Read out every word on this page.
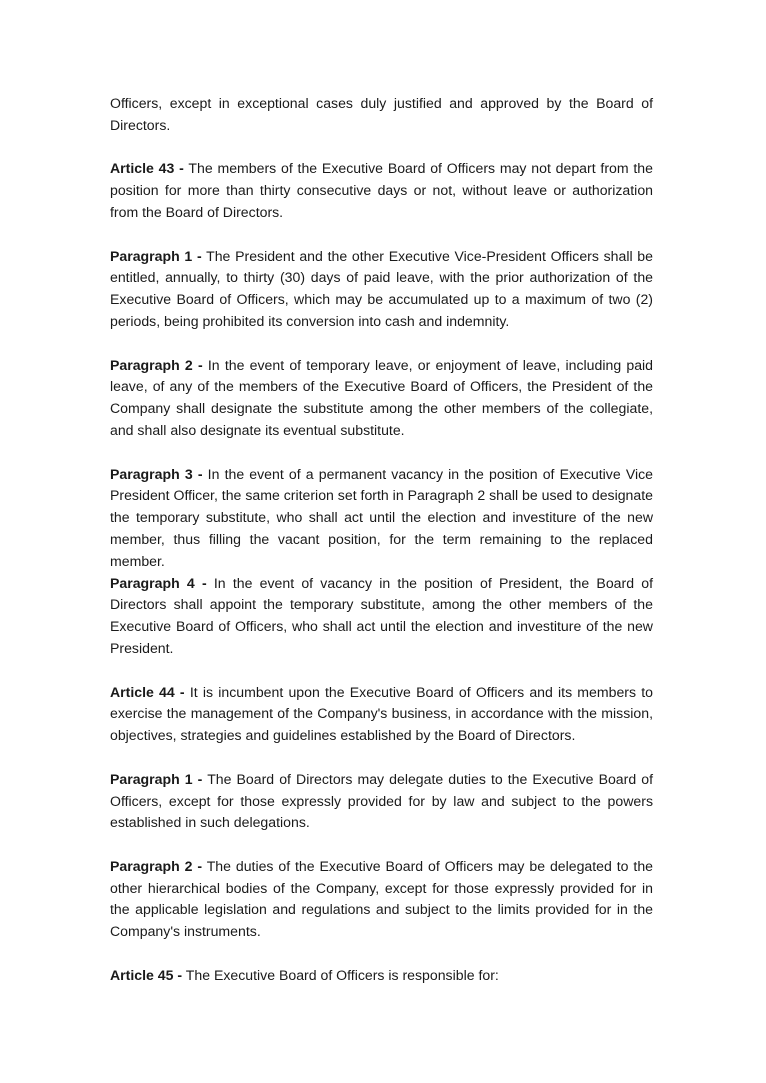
Officers, except in exceptional cases duly justified and approved by the Board of Directors.

Article 43 - The members of the Executive Board of Officers may not depart from the position for more than thirty consecutive days or not, without leave or authorization from the Board of Directors.

Paragraph 1 - The President and the other Executive Vice-President Officers shall be entitled, annually, to thirty (30) days of paid leave, with the prior authorization of the Executive Board of Officers, which may be accumulated up to a maximum of two (2) periods, being prohibited its conversion into cash and indemnity.

Paragraph 2 - In the event of temporary leave, or enjoyment of leave, including paid leave, of any of the members of the Executive Board of Officers, the President of the Company shall designate the substitute among the other members of the collegiate, and shall also designate its eventual substitute.

Paragraph 3 - In the event of a permanent vacancy in the position of Executive Vice President Officer, the same criterion set forth in Paragraph 2 shall be used to designate the temporary substitute, who shall act until the election and investiture of the new member, thus filling the vacant position, for the term remaining to the replaced member.

Paragraph 4 - In the event of vacancy in the position of President, the Board of Directors shall appoint the temporary substitute, among the other members of the Executive Board of Officers, who shall act until the election and investiture of the new President.

Article 44 - It is incumbent upon the Executive Board of Officers and its members to exercise the management of the Company's business, in accordance with the mission, objectives, strategies and guidelines established by the Board of Directors.

Paragraph 1 - The Board of Directors may delegate duties to the Executive Board of Officers, except for those expressly provided for by law and subject to the powers established in such delegations.

Paragraph 2 - The duties of the Executive Board of Officers may be delegated to the other hierarchical bodies of the Company, except for those expressly provided for in the applicable legislation and regulations and subject to the limits provided for in the Company's instruments.

Article 45 - The Executive Board of Officers is responsible for:
